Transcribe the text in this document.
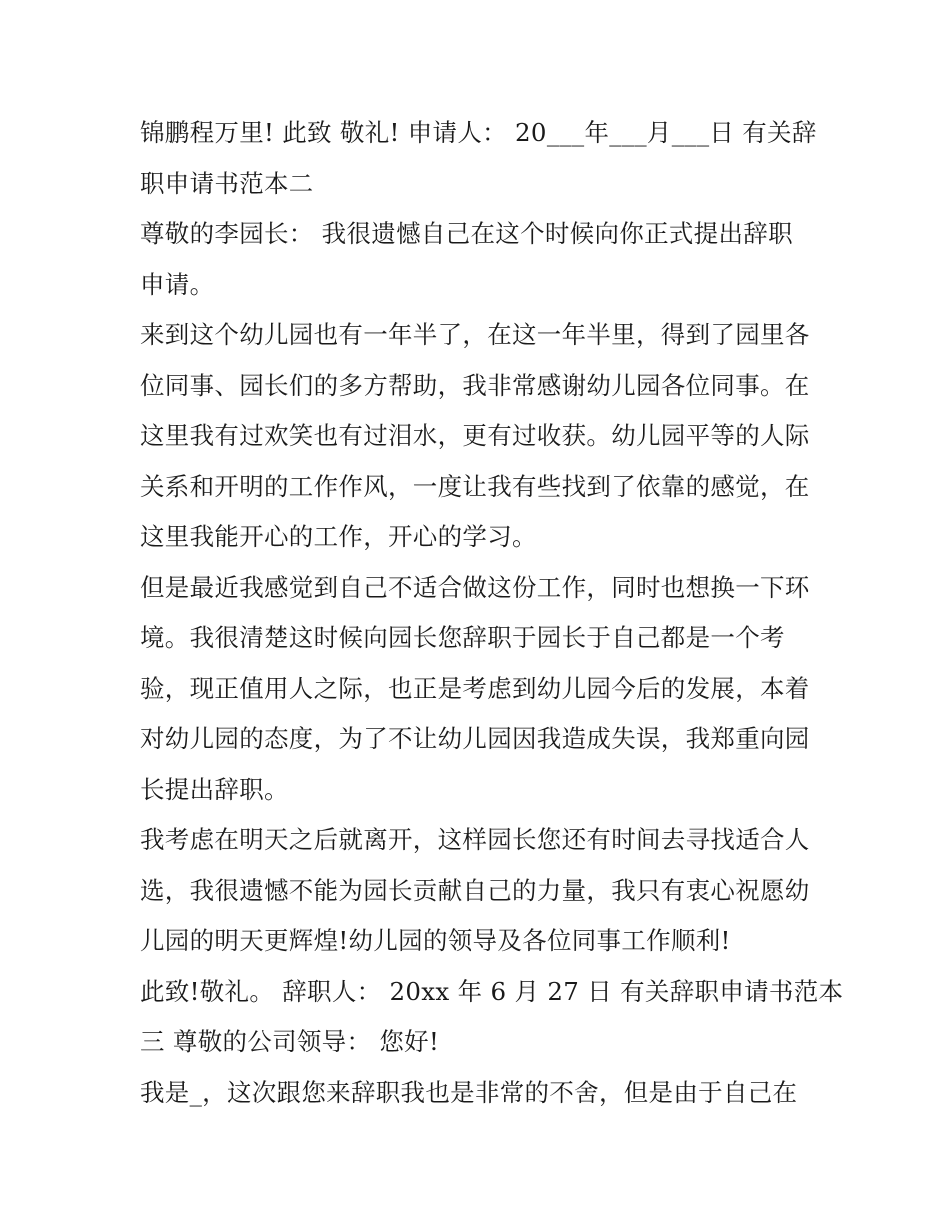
锦鹏程万里! 此致 敬礼! 申请人： 20___年___月___日 有关辞
职申请书范本二
尊敬的李园长： 我很遗憾自己在这个时候向你正式提出辞职
申请。
来到这个幼儿园也有一年半了，在这一年半里，得到了园里各
位同事、园长们的多方帮助，我非常感谢幼儿园各位同事。在
这里我有过欢笑也有过泪水，更有过收获。幼儿园平等的人际
关系和开明的工作作风，一度让我有些找到了依靠的感觉，在
这里我能开心的工作，开心的学习。
但是最近我感觉到自己不适合做这份工作，同时也想换一下环
境。我很清楚这时候向园长您辞职于园长于自己都是一个考
验，现正值用人之际，也正是考虑到幼儿园今后的发展，本着
对幼儿园的态度，为了不让幼儿园因我造成失误，我郑重向园
长提出辞职。
我考虑在明天之后就离开，这样园长您还有时间去寻找适合人
选，我很遗憾不能为园长贡献自己的力量，我只有衷心祝愿幼
儿园的明天更辉煌!幼儿园的领导及各位同事工作顺利!
此致!敬礼。 辞职人： 20xx 年 6 月 27 日 有关辞职申请书范本
三 尊敬的公司领导： 您好!
我是_，这次跟您来辞职我也是非常的不舍，但是由于自己在
